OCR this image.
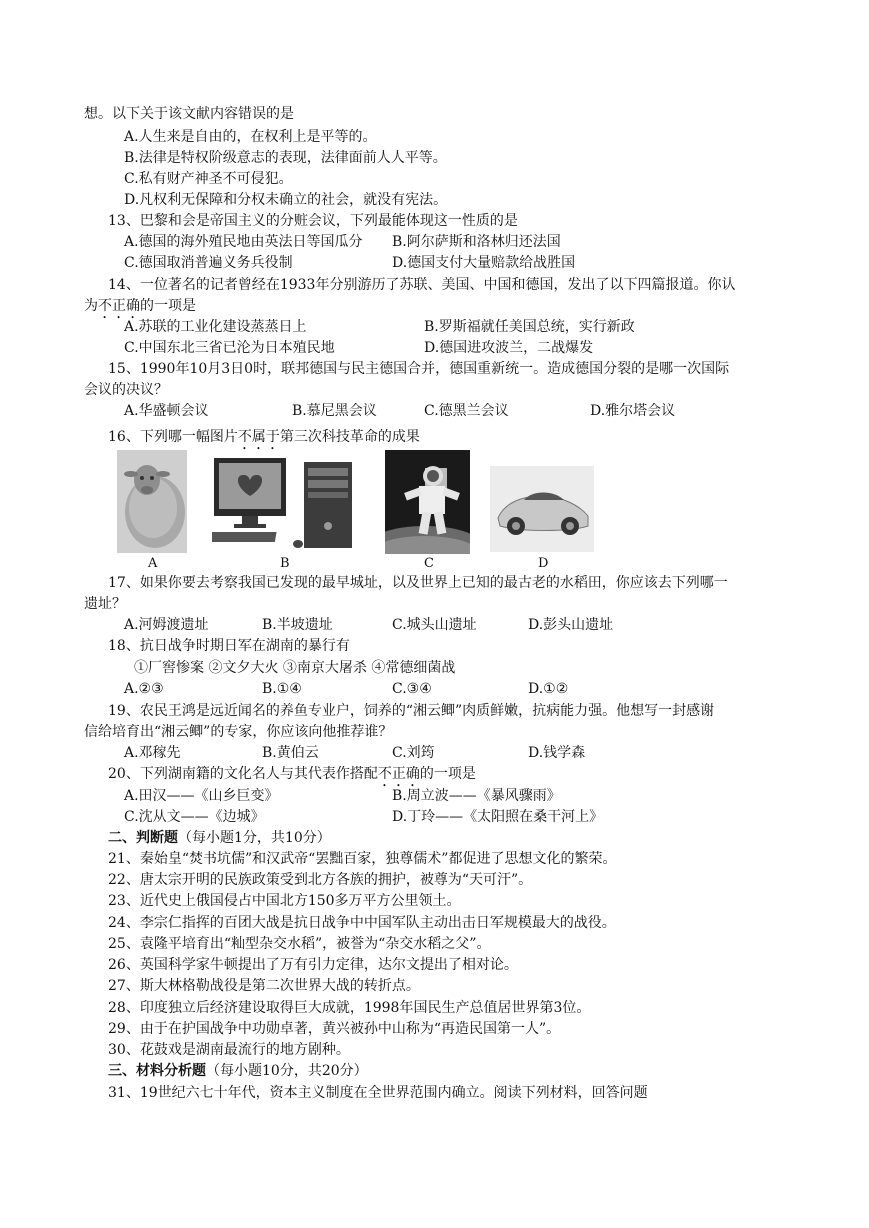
想。以下关于该文献内容错误的是
A.人生来是自由的，在权利上是平等的。
B.法律是特权阶级意志的表现，法律面前人人平等。
C.私有财产神圣不可侵犯。
D.凡权利无保障和分权未确立的社会，就没有宪法。
13、巴黎和会是帝国主义的分赃会议，下列最能体现这一性质的是
A.德国的海外殖民地由英法日等国瓜分 B.阿尔萨斯和洛林归还法国
C.德国取消普遍义务兵役制	D.德国支付大量赔款给战胜国
14、一位著名的记者曾经在1933年分别游历了苏联、美国、中国和德国，发出了以下四篇报道。你认
为不正确的一项是
A.苏联的工业化建设蒸蒸日上	B.罗斯福就任美国总统，实行新政
C.中国东北三省已沦为日本殖民地	D.德国进攻波兰，二战爆发
15、1990年10月3日0时，联邦德国与民主德国合并，德国重新统一。造成德国分裂的是哪一次国际
会议的决议？
A.华盛顿会议	B.慕尼黑会议	C.德黑兰会议	D.雅尔塔会议
16、下列哪一幅图片不属于第三次科技革命的成果
A	B	C	D
17、如果你要去考察我国已发现的最早城址，以及世界上已知的最古老的水稻田，你应该去下列哪一
遗址？
A.河姆渡遗址	B.半坡遗址	C.城头山遗址	D.彭头山遗址
18、抗日战争时期日军在湖南的暴行有
①厂窖惨案 ②文夕大火 ③南京大屠杀 ④常德细菌战
A.②③	B.①④	C.③④	D.①②
19、农民王鸿是远近闻名的养鱼专业户，饲养的“湘云鲫”肉质鲜嫩，抗病能力强。他想写一封感谢
信给培育出“湘云鲫”的专家，你应该向他推荐谁？
A.邓稼先	B.黄伯云	C.刘筠	D.钱学森
20、下列湖南籍的文化名人与其代表作搭配不正确的一项是
A.田汉——《山乡巨变》	B.周立波——《暴风骤雨》
C.沈从文——《边城》	D.丁玲——《太阳照在桑干河上》
二、判断题（每小题1分，共10分）
21、秦始皇“焚书坑儒”和汉武帝“罢黜百家，独尊儒术”都促进了思想文化的繁荣。
22、唐太宗开明的民族政策受到北方各族的拥护，被尊为“天可汗”。
23、近代史上俄国侵占中国北方150多万平方公里领土。
24、李宗仁指挥的百团大战是抗日战争中中国军队主动出击日军规模最大的战役。
25、袁隆平培育出“籼型杂交水稻”，被誉为“杂交水稻之父”。
26、英国科学家牛顿提出了万有引力定律，达尔文提出了相对论。
27、斯大林格勒战役是第二次世界大战的转折点。
28、印度独立后经济建设取得巨大成就，1998年国民生产总值居世界第3位。
29、由于在护国战争中功勋卓著，黄兴被孙中山称为“再造民国第一人”。
30、花鼓戏是湖南最流行的地方剧种。
三、材料分析题（每小题10分，共20分）
31、19世纪六七十年代，资本主义制度在全世界范围内确立。阅读下列材料，回答问题
